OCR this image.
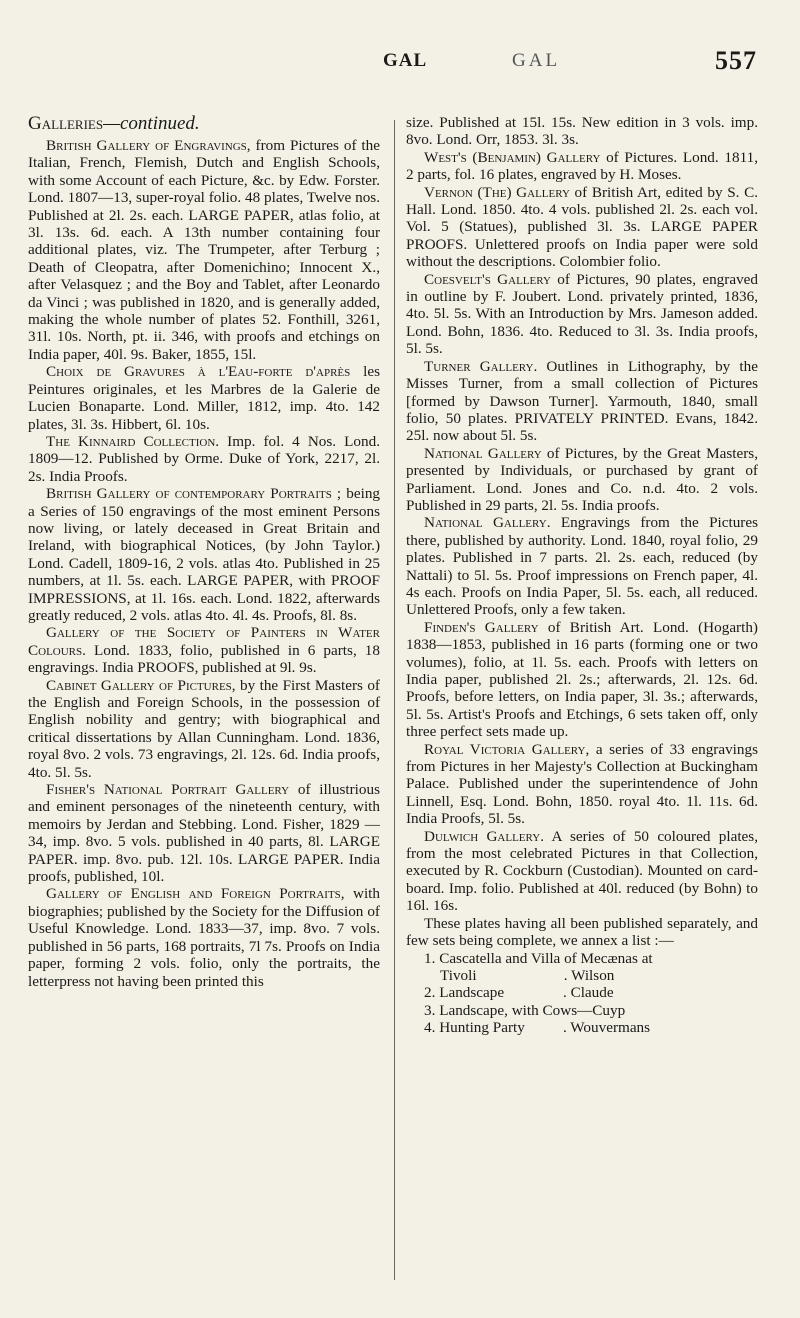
GAL	GAL	557

Galleries—continued.

British Gallery of Engravings, from Pictures of the Italian, French, Flemish, Dutch and English Schools, with some Account of each Picture, &c. by Edw. Forster. Lond. 1807—13, super-royal folio. 48 plates, Twelve nos. Published at 2l. 2s. each. LARGE PAPER, atlas folio, at 3l. 13s. 6d. each. A 13th number containing four additional plates, viz. The Trumpeter, after Terburg ; Death of Cleopatra, after Domenichino; Innocent X., after Velasquez ; and the Boy and Tablet, after Leonardo da Vinci ; was published in 1820, and is generally added, making the whole number of plates 52. Fonthill, 3261, 31l. 10s. North, pt. ii. 346, with proofs and etchings on India paper, 40l. 9s. Baker, 1855, 15l.

Choix de Gravures à l'Eau-forte d'après les Peintures originales, et les Marbres de la Galerie de Lucien Bonaparte. Lond. Miller, 1812, imp. 4to. 142 plates, 3l. 3s. Hibbert, 6l. 10s.

The Kinnaird Collection. Imp. fol. 4 Nos. Lond. 1809—12. Published by Orme. Duke of York, 2217, 2l. 2s. India Proofs.

British Gallery of contemporary Portraits ; being a Series of 150 engravings of the most eminent Persons now living, or lately deceased in Great Britain and Ireland, with biographical Notices, (by John Taylor.) Lond. Cadell, 1809-16, 2 vols. atlas 4to. Published in 25 numbers, at 1l. 5s. each. LARGE PAPER, with PROOF IMPRESSIONS, at 1l. 16s. each. Lond. 1822, afterwards greatly reduced, 2 vols. atlas 4to. 4l. 4s. Proofs, 8l. 8s.

Gallery of the Society of Painters in Water Colours. Lond. 1833, folio, published in 6 parts, 18 engravings. India PROOFS, published at 9l. 9s.

Cabinet Gallery of Pictures, by the First Masters of the English and Foreign Schools, in the possession of English nobility and gentry; with biographical and critical dissertations by Allan Cunningham. Lond. 1836, royal 8vo. 2 vols. 73 engravings, 2l. 12s. 6d. India proofs, 4to. 5l. 5s.

Fisher's National Portrait Gallery of illustrious and eminent personages of the nineteenth century, with memoirs by Jerdan and Stebbing. Lond. Fisher, 1829 —34, imp. 8vo. 5 vols. published in 40 parts, 8l. LARGE PAPER. imp. 8vo. pub. 12l. 10s. LARGE PAPER. India proofs, published, 10l.

Gallery of English and Foreign Portraits, with biographies; published by the Society for the Diffusion of Useful Knowledge. Lond. 1833—37, imp. 8vo. 7 vols. published in 56 parts, 168 portraits, 7l 7s. Proofs on India paper, forming 2 vols. folio, only the portraits, the letterpress not having been printed this

size. Published at 15l. 15s. New edition in 3 vols. imp. 8vo. Lond. Orr, 1853. 3l. 3s.

West's (Benjamin) Gallery of Pictures. Lond. 1811, 2 parts, fol. 16 plates, engraved by H. Moses.

Vernon (The) Gallery of British Art, edited by S. C. Hall. Lond. 1850. 4to. 4 vols. published 2l. 2s. each vol. Vol. 5 (Statues), published 3l. 3s. LARGE PAPER PROOFS. Unlettered proofs on India paper were sold without the descriptions. Colombier folio.

Coesvelt's Gallery of Pictures, 90 plates, engraved in outline by F. Joubert. Lond. privately printed, 1836, 4to. 5l. 5s. With an Introduction by Mrs. Jameson added. Lond. Bohn, 1836. 4to. Reduced to 3l. 3s. India proofs, 5l. 5s.

Turner Gallery. Outlines in Lithography, by the Misses Turner, from a small collection of Pictures [formed by Dawson Turner]. Yarmouth, 1840, small folio, 50 plates. PRIVATELY PRINTED. Evans, 1842. 25l. now about 5l. 5s.

National Gallery of Pictures, by the Great Masters, presented by Individuals, or purchased by grant of Parliament. Lond. Jones and Co. n.d. 4to. 2 vols. Published in 29 parts, 2l. 5s. India proofs.

National Gallery. Engravings from the Pictures there, published by authority. Lond. 1840, royal folio, 29 plates. Published in 7 parts. 2l. 2s. each, reduced (by Nattali) to 5l. 5s. Proof impressions on French paper, 4l. 4s each. Proofs on India Paper, 5l. 5s. each, all reduced. Unlettered Proofs, only a few taken.

Finden's Gallery of British Art. Lond. (Hogarth) 1838—1853, published in 16 parts (forming one or two volumes), folio, at 1l. 5s. each. Proofs with letters on India paper, published 2l. 2s.; afterwards, 2l. 12s. 6d. Proofs, before letters, on India paper, 3l. 3s.; afterwards, 5l. 5s. Artist's Proofs and Etchings, 6 sets taken off, only three perfect sets made up.

Royal Victoria Gallery, a series of 33 engravings from Pictures in her Majesty's Collection at Buckingham Palace. Published under the superintendence of John Linnell, Esq. Lond. Bohn, 1850. royal 4to. 1l. 11s. 6d. India Proofs, 5l. 5s.

Dulwich Gallery. A series of 50 coloured plates, from the most celebrated Pictures in that Collection, executed by R. Cockburn (Custodian). Mounted on card-board. Imp. folio. Published at 40l. reduced (by Bohn) to 16l. 16s.

These plates having all been published separately, and few sets being complete, we annex a list :—

1. Cascatella and Villa of Mecænas at
Tivoli	. Wilson
2. Landscape	. Claude
3. Landscape, with Cows—Cuyp
4. Hunting Party . Wouvermans
